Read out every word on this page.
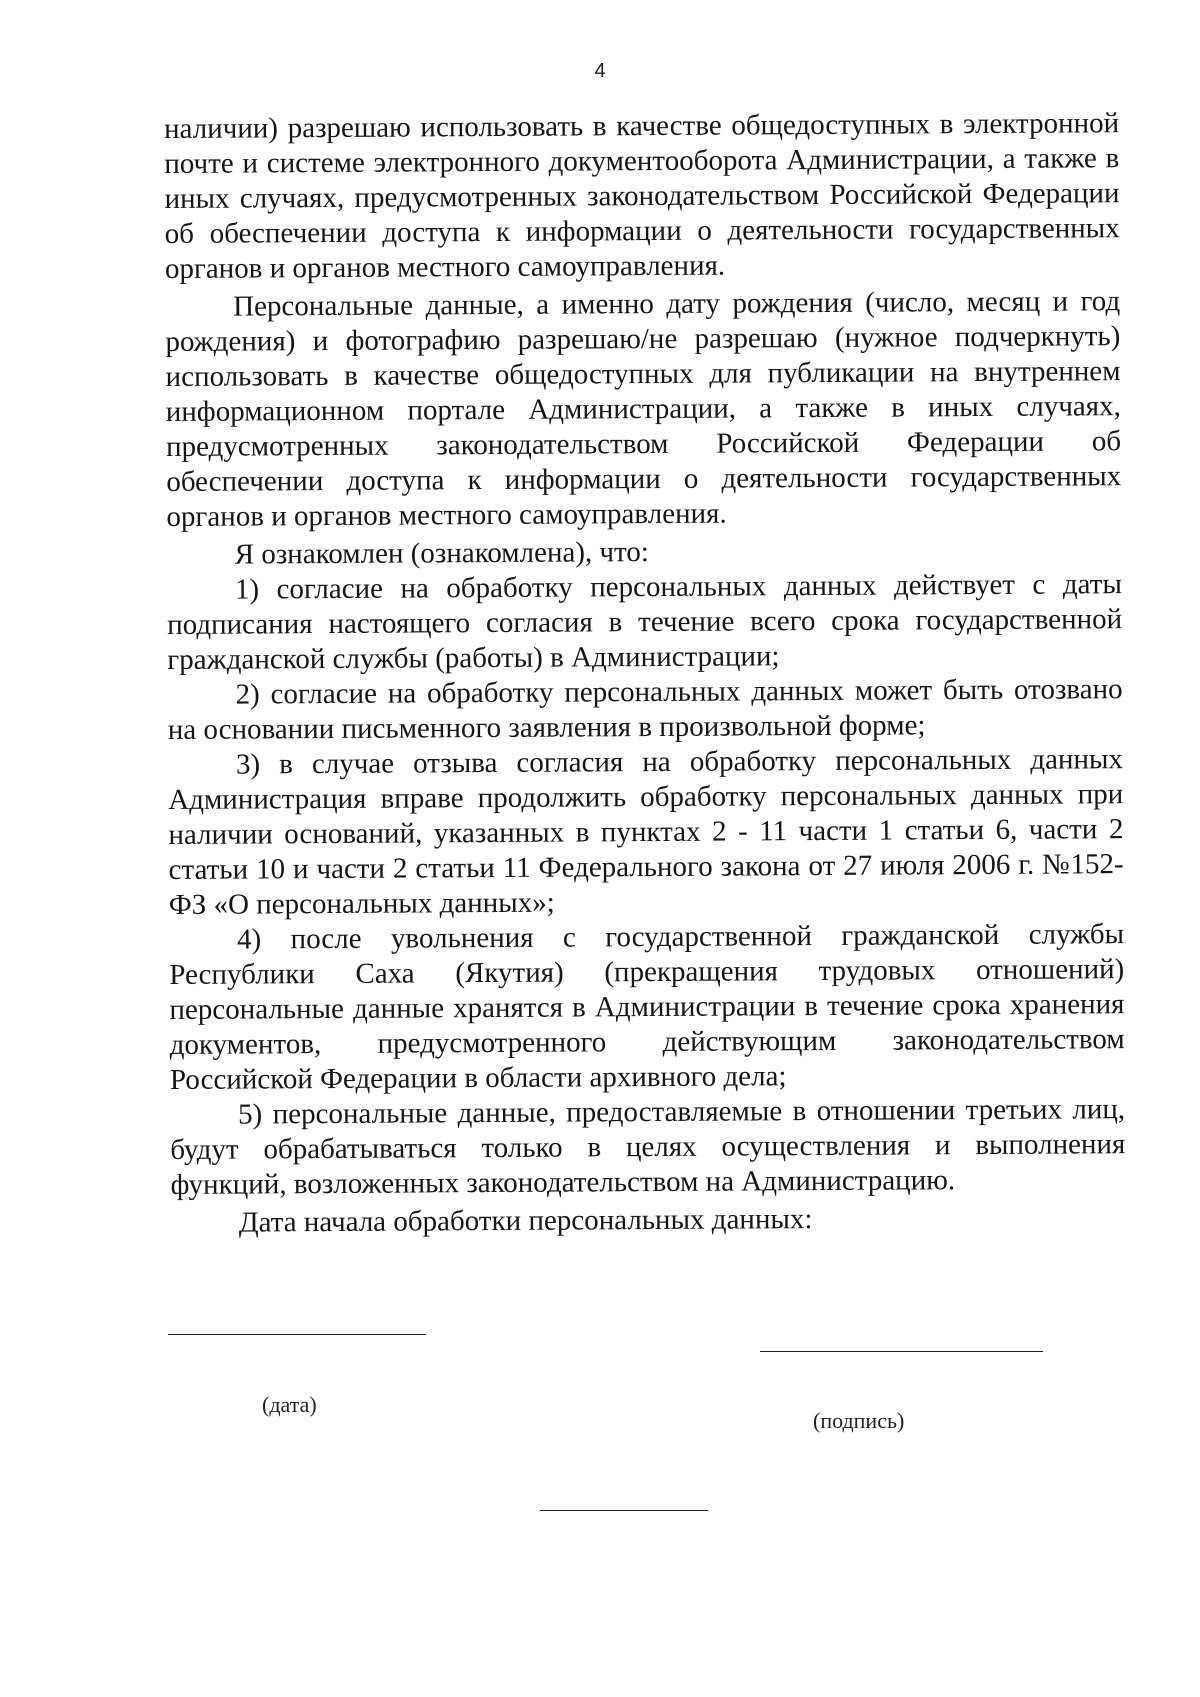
4

наличии) разрешаю использовать в качестве общедоступных в электронной почте и системе электронного документооборота Администрации, а также в иных случаях, предусмотренных законодательством Российской Федерации об обеспечении доступа к информации о деятельности государственных органов и органов местного самоуправления.

Персональные данные, а именно дату рождения (число, месяц и год рождения) и фотографию разрешаю/не разрешаю (нужное подчеркнуть) использовать в качестве общедоступных для публикации на внутреннем информационном портале Администрации, а также в иных случаях, предусмотренных законодательством Российской Федерации об обеспечении доступа к информации о деятельности государственных органов и органов местного самоуправления.

Я ознакомлен (ознакомлена), что:

1) согласие на обработку персональных данных действует с даты подписания настоящего согласия в течение всего срока государственной гражданской службы (работы) в Администрации;

2) согласие на обработку персональных данных может быть отозвано на основании письменного заявления в произвольной форме;

3) в случае отзыва согласия на обработку персональных данных Администрация вправе продолжить обработку персональных данных при наличии оснований, указанных в пунктах 2 - 11 части 1 статьи 6, части 2 статьи 10 и части 2 статьи 11 Федерального закона от 27 июля 2006 г. №152-ФЗ «О персональных данных»;

4) после увольнения с государственной гражданской службы Республики Саха (Якутия) (прекращения трудовых отношений) персональные данные хранятся в Администрации в течение срока хранения документов, предусмотренного действующим законодательством Российской Федерации в области архивного дела;

5) персональные данные, предоставляемые в отношении третьих лиц, будут обрабатываться только в целях осуществления и выполнения функций, возложенных законодательством на Администрацию.

Дата начала обработки персональных данных:

(дата)
(подпись)
